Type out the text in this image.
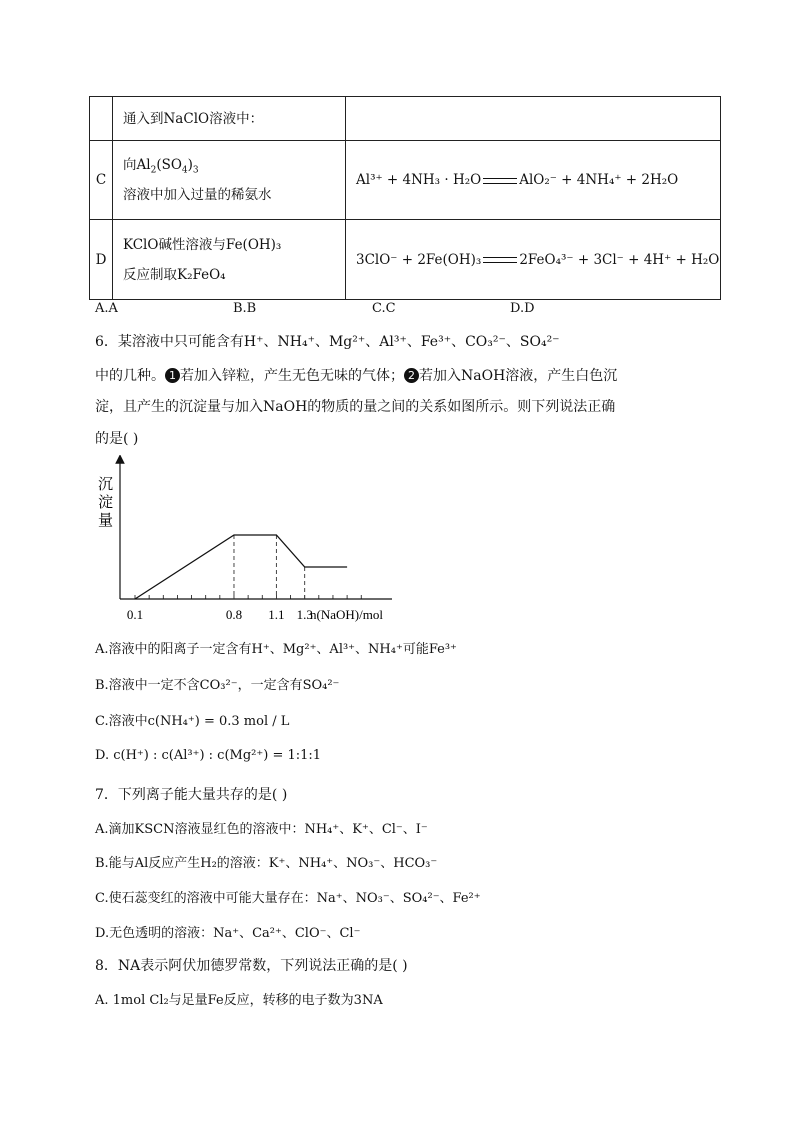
	通入到NaClO溶液中：	
C	向$Al_2(SO_4)_3$
溶液中加入过量的稀氨水	Al³⁺ + 4NH₃ · H₂O AlO₂⁻ + 4NH₄⁺ + 2H₂O
D	KClO碱性溶液与Fe(OH)₃
反应制取K₂FeO₄	3ClO⁻ + 2Fe(OH)₃ 2FeO₄³⁻ + 3Cl⁻ + 4H⁺ + H₂O
A.A	B.B	C.C	D.D
6．某溶液中只可能含有H⁺、NH₄⁺、Mg²⁺、Al³⁺、Fe³⁺、CO₃²⁻、SO₄²⁻
中的几种。 1 若加入锌粒，产生无色无味的气体； 2 若加入NaOH溶液，产生白色沉
淀，且产生的沉淀量与加入NaOH的物质的量之间的关系如图所示。则下列说法正确
的是( )
沉
淀
量
0.1	0.8 1.1 1.3
n(NaOH)/mol
A.溶液中的阳离子一定含有H⁺、Mg²⁺、Al³⁺、NH₄⁺可能Fe³⁺
B.溶液中一定不含CO₃²⁻，一定含有SO₄²⁻
C.溶液中c(NH₄⁺) = 0.3 mol / L
D. c(H⁺) : c(Al³⁺) : c(Mg²⁺) = 1:1:1
7．下列离子能大量共存的是( )
A.滴加KSCN溶液显红色的溶液中：NH₄⁺、K⁺、Cl⁻、I⁻
B.能与Al反应产生H₂的溶液：K⁺、NH₄⁺、NO₃⁻、HCO₃⁻
C.使石蕊变红的溶液中可能大量存在：Na⁺、NO₃⁻、SO₄²⁻、Fe²⁺
D.无色透明的溶液：Na⁺、Ca²⁺、ClO⁻、Cl⁻
8．NA表示阿伏加德罗常数，下列说法正确的是( )
A. 1mol Cl₂与足量Fe反应，转移的电子数为3NA
